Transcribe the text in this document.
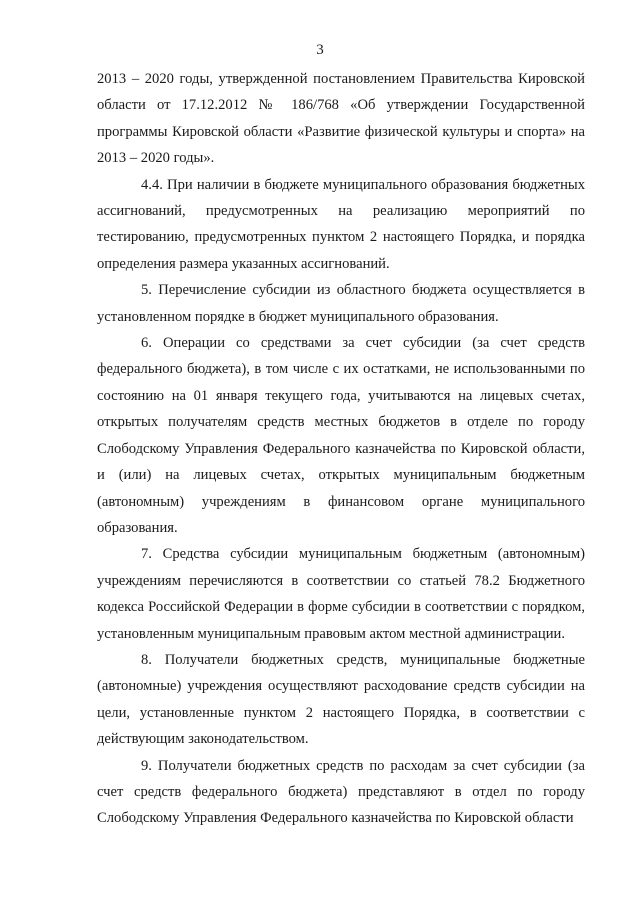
3

2013 – 2020 годы, утвержденной постановлением Правительства Кировской области от 17.12.2012 № 186/768 «Об утверждении Государственной программы Кировской области «Развитие физической культуры и спорта» на 2013 – 2020 годы».

4.4. При наличии в бюджете муниципального образования бюджетных ассигнований, предусмотренных на реализацию мероприятий по тестированию, предусмотренных пунктом 2 настоящего Порядка, и порядка определения размера указанных ассигнований.

5. Перечисление субсидии из областного бюджета осуществляется в установленном порядке в бюджет муниципального образования.

6. Операции со средствами за счет субсидии (за счет средств федерального бюджета), в том числе с их остатками, не использованными по состоянию на 01 января текущего года, учитываются на лицевых счетах, открытых получателям средств местных бюджетов в отделе по городу Слободскому Управления Федерального казначейства по Кировской области, и (или) на лицевых счетах, открытых муниципальным бюджетным (автономным) учреждениям в финансовом органе муниципального образования.

7. Средства субсидии муниципальным бюджетным (автономным) учреждениям перечисляются в соответствии со статьей 78.2 Бюджетного кодекса Российской Федерации в форме субсидии в соответствии с порядком, установленным муниципальным правовым актом местной администрации.

8. Получатели бюджетных средств, муниципальные бюджетные (автономные) учреждения осуществляют расходование средств субсидии на цели, установленные пунктом 2 настоящего Порядка, в соответствии с действующим законодательством.

9. Получатели бюджетных средств по расходам за счет субсидии (за счет средств федерального бюджета) представляют в отдел по городу Слободскому Управления Федерального казначейства по Кировской области
